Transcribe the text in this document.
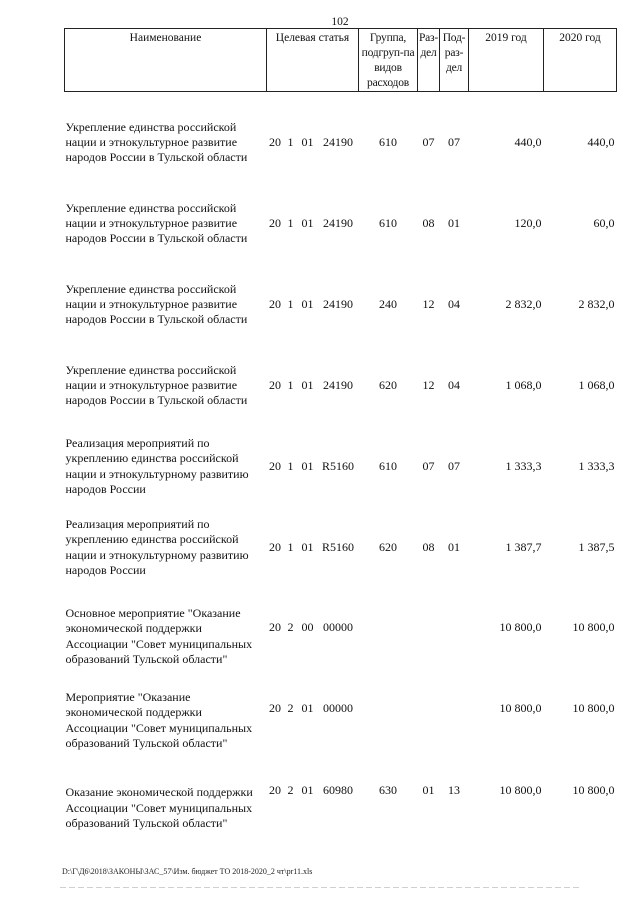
102
Наименование	Целевая статья				Группа, подгруп-па видов расходов	Раз-дел	Под-раз-дел	2019 год	2020 год

Укрепление единства российской нации и этнокультурное развитие народов России в Тульской области	20	1	01	24190	610	07	07	440,0	440,0
Укрепление единства российской нации и этнокультурное развитие народов России в Тульской области	20	1	01	24190	610	08	01	120,0	60,0
Укрепление единства российской нации и этнокультурное развитие народов России в Тульской области	20	1	01	24190	240	12	04	2 832,0	2 832,0
Укрепление единства российской нации и этнокультурное развитие народов России в Тульской области	20	1	01	24190	620	12	04	1 068,0	1 068,0
Реализация мероприятий по укреплению единства российской нации и этнокультурному развитию народов России	20	1	01	R5160	610	07	07	1 333,3	1 333,3
Реализация мероприятий по укреплению единства российской нации и этнокультурному развитию народов России	20	1	01	R5160	620	08	01	1 387,7	1 387,5
Основное мероприятие "Оказание экономической поддержки Ассоциации "Совет муниципальных образований Тульской области"	20	2	00	00000				10 800,0	10 800,0
Мероприятие "Оказание экономической поддержки Ассоциации "Совет муниципальных образований Тульской области"	20	2	01	00000				10 800,0	10 800,0
Оказание экономической поддержки Ассоциации "Совет муниципальных образований Тульской области"	20	2	01	60980	630	01	13	10 800,0	10 800,0
D:\Г\Д6\2018\ЗАКОНЫ\ЗАС_57\Изм. бюджет ТО 2018-2020_2 чт\pr11.xls
